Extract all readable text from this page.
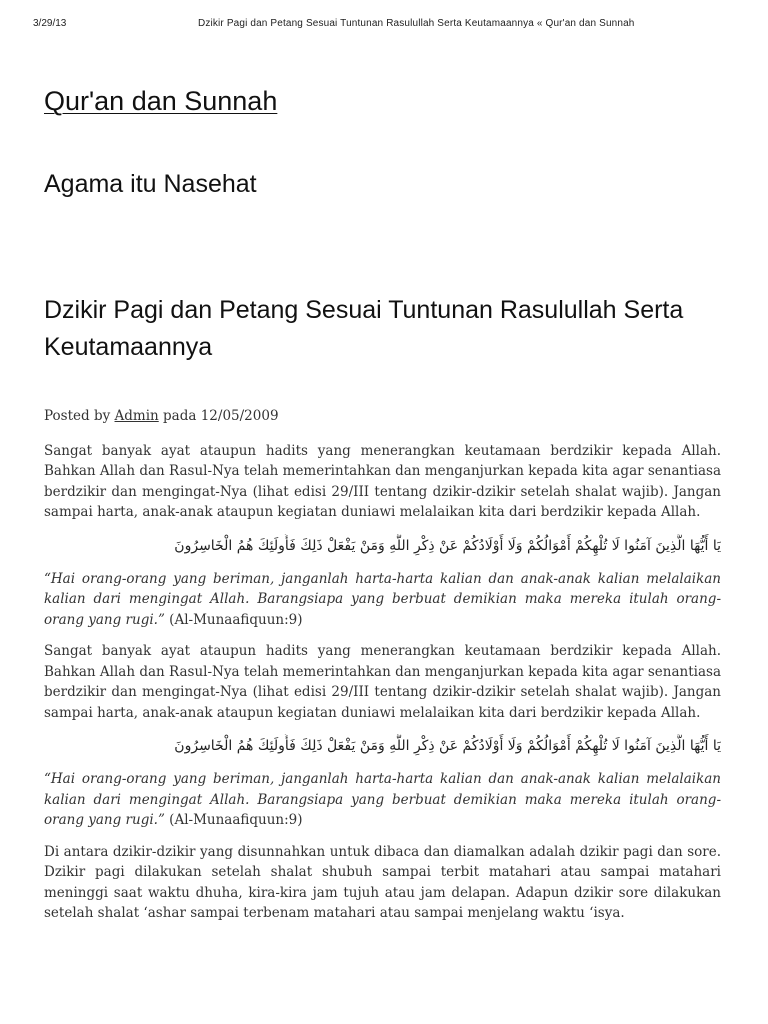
3/29/13	Dzikir Pagi dan Petang Sesuai Tuntunan Rasulullah Serta Keutamaannya « Qur'an dan Sunnah
Qur'an dan Sunnah
Agama itu Nasehat
Dzikir Pagi dan Petang Sesuai Tuntunan Rasulullah Serta Keutamaannya

Posted by Admin pada 12/05/2009

Sangat banyak ayat ataupun hadits yang menerangkan keutamaan berdzikir kepada Allah. Bahkan Allah dan Rasul-Nya telah memerintahkan dan menganjurkan kepada kita agar senantiasa berdzikir dan mengingat-Nya (lihat edisi 29/III tentang dzikir-dzikir setelah shalat wajib). Jangan sampai harta, anak-anak ataupun kegiatan duniawi melalaikan kita dari berdzikir kepada Allah.

يَا أَيُّهَا الَّذِينَ آمَنُوا لَا تُلْهِكُمْ أَمْوَالُكُمْ وَلَا أَوْلَادُكُمْ عَنْ ذِكْرِ اللَّهِ وَمَنْ يَفْعَلْ ذَلِكَ فَأُولَئِكَ هُمُ الْخَاسِرُونَ

“Hai orang-orang yang beriman, janganlah harta-harta kalian dan anak-anak kalian melalaikan kalian dari mengingat Allah. Barangsiapa yang berbuat demikian maka mereka itulah orang-orang yang rugi.” (Al-Munaafiquun:9)

Sangat banyak ayat ataupun hadits yang menerangkan keutamaan berdzikir kepada Allah. Bahkan Allah dan Rasul-Nya telah memerintahkan dan menganjurkan kepada kita agar senantiasa berdzikir dan mengingat-Nya (lihat edisi 29/III tentang dzikir-dzikir setelah shalat wajib). Jangan sampai harta, anak-anak ataupun kegiatan duniawi melalaikan kita dari berdzikir kepada Allah.

يَا أَيُّهَا الَّذِينَ آمَنُوا لَا تُلْهِكُمْ أَمْوَالُكُمْ وَلَا أَوْلَادُكُمْ عَنْ ذِكْرِ اللَّهِ وَمَنْ يَفْعَلْ ذَلِكَ فَأُولَئِكَ هُمُ الْخَاسِرُونَ

“Hai orang-orang yang beriman, janganlah harta-harta kalian dan anak-anak kalian melalaikan kalian dari mengingat Allah. Barangsiapa yang berbuat demikian maka mereka itulah orang-orang yang rugi.” (Al-Munaafiquun:9)

Di antara dzikir-dzikir yang disunnahkan untuk dibaca dan diamalkan adalah dzikir pagi dan sore. Dzikir pagi dilakukan setelah shalat shubuh sampai terbit matahari atau sampai matahari meninggi saat waktu dhuha, kira-kira jam tujuh atau jam delapan. Adapun dzikir sore dilakukan setelah shalat ‘ashar sampai terbenam matahari atau sampai menjelang waktu ‘isya.
